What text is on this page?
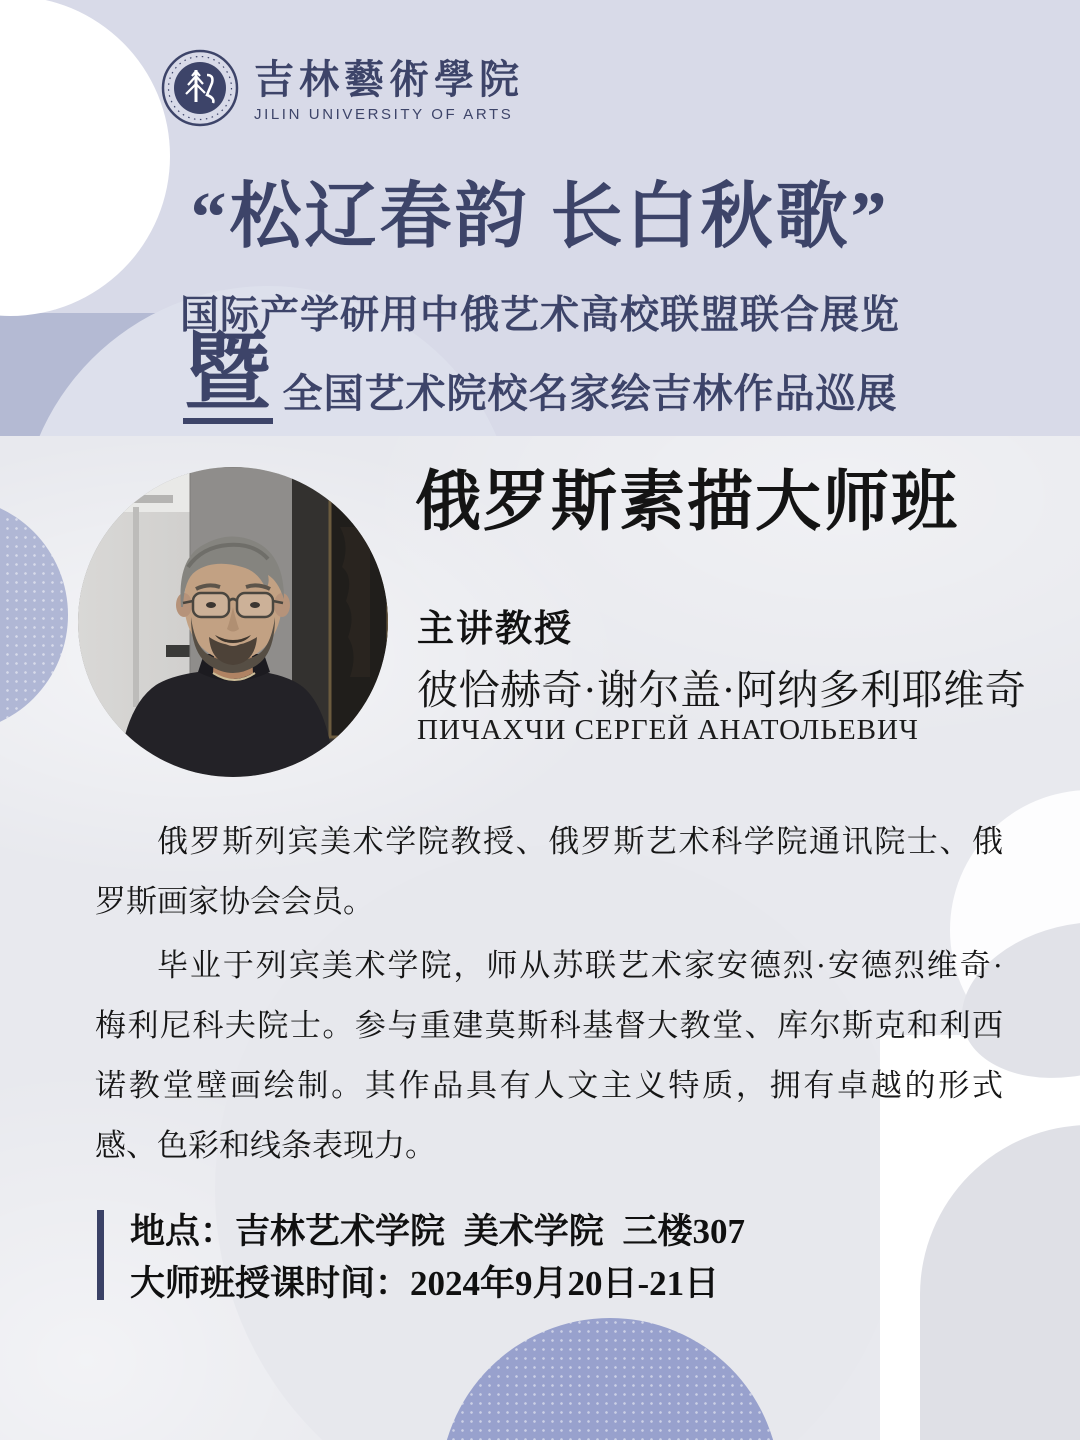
吉林藝術學院
JILIN UNIVERSITY OF ARTS
“松辽春韵 长白秋歌”
国际产学研用中俄艺术高校联盟联合展览
暨 全国艺术院校名家绘吉林作品巡展
俄罗斯素描大师班
主讲教授
彼恰赫奇·谢尔盖·阿纳多利耶维奇
ПИЧАХЧИ СЕРГЕЙ АНАТОЛЬЕВИЧ
俄罗斯列宾美术学院教授、俄罗斯艺术科学院通讯院士、俄
罗斯画家协会会员。
毕业于列宾美术学院，师从苏联艺术家安德烈·安德烈维奇·
梅利尼科夫院士。参与重建莫斯科基督大教堂、库尔斯克和利西
诺教堂壁画绘制。其作品具有人文主义特质，拥有卓越的形式
感、色彩和线条表现力。
地点：吉林艺术学院 美术学院 三楼307
大师班授课时间：2024年9月20日-21日
